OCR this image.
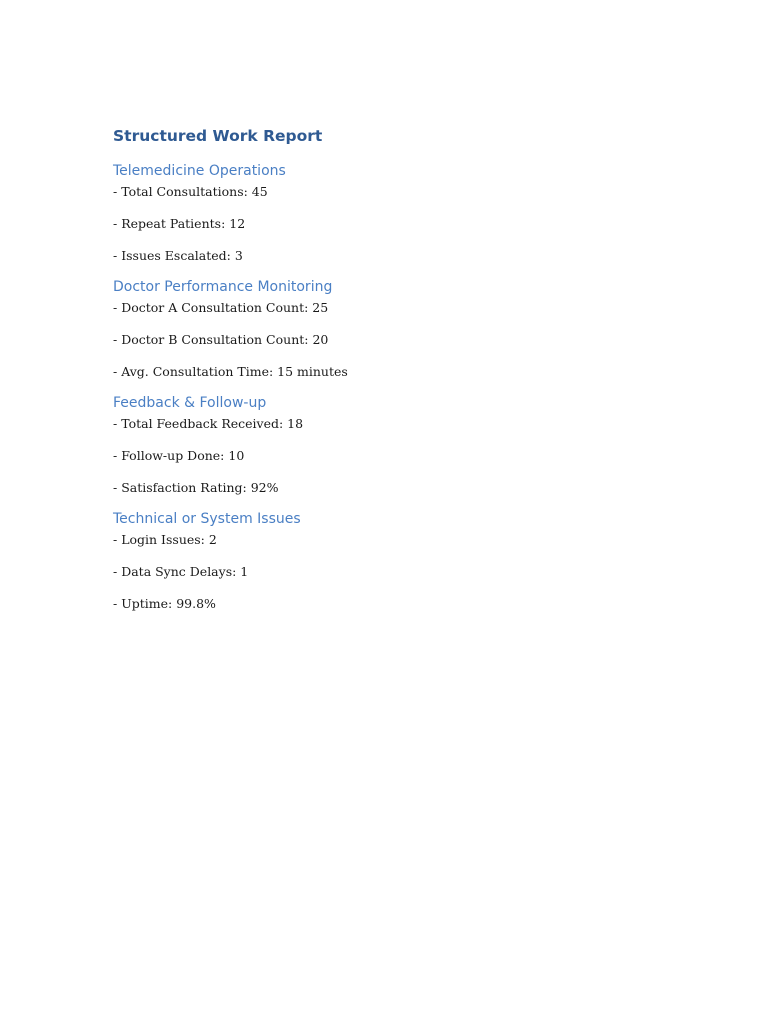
Structured Work Report
Telemedicine Operations

- Total Consultations: 45

- Repeat Patients: 12

- Issues Escalated: 3

Doctor Performance Monitoring

- Doctor A Consultation Count: 25

- Doctor B Consultation Count: 20

- Avg. Consultation Time: 15 minutes

Feedback & Follow-up

- Total Feedback Received: 18

- Follow-up Done: 10

- Satisfaction Rating: 92%

Technical or System Issues

- Login Issues: 2

- Data Sync Delays: 1

- Uptime: 99.8%
